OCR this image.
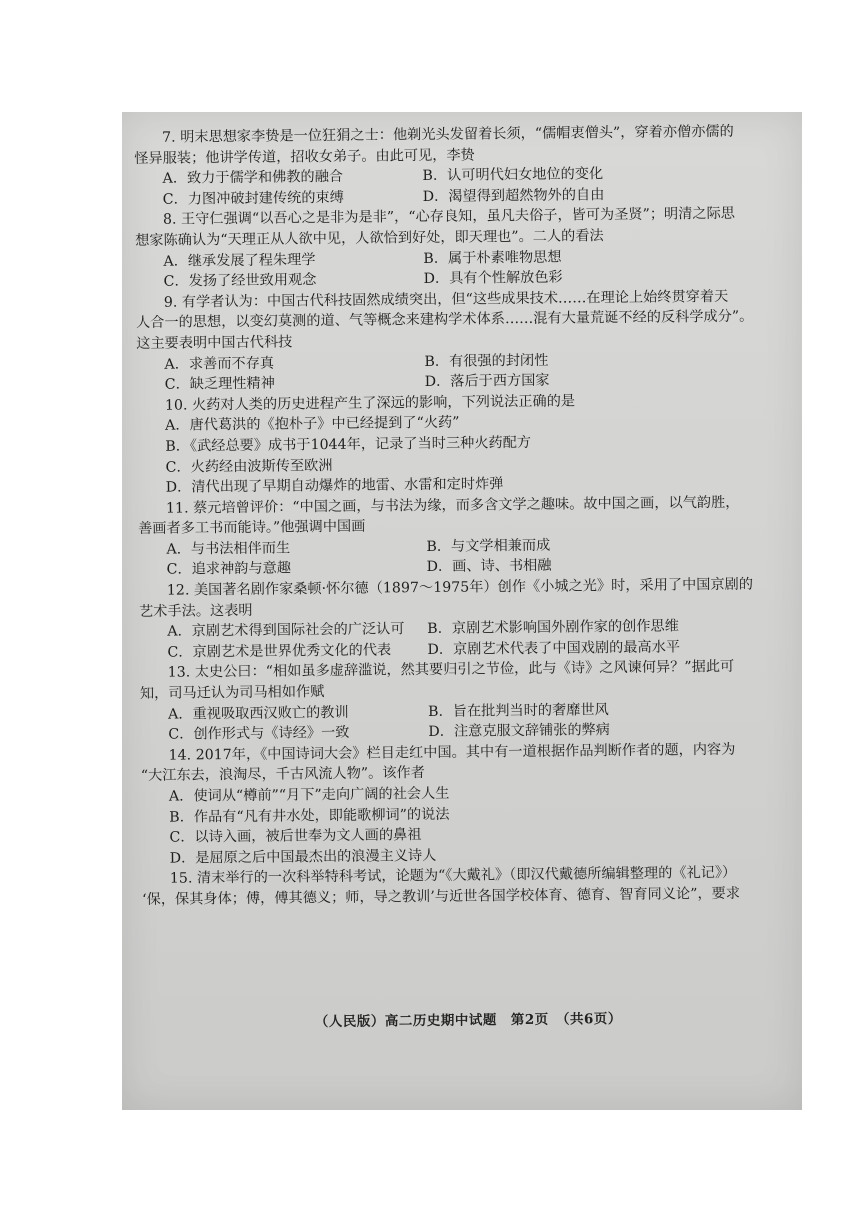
7. 明末思想家李贽是一位狂狷之士：他剃光头发留着长须，“儒帽衷僧头”，穿着亦僧亦儒的
怪异服装；他讲学传道，招收女弟子。由此可见，李贽
A．致力于儒学和佛教的融合	B．认可明代妇女地位的变化
C．力图冲破封建传统的束缚	D．渴望得到超然物外的自由
8. 王守仁强调“以吾心之是非为是非”，“心存良知，虽凡夫俗子，皆可为圣贤”；明清之际思
想家陈确认为“天理正从人欲中见，人欲恰到好处，即天理也”。二人的看法
A．继承发展了程朱理学	B．属于朴素唯物思想
C．发扬了经世致用观念	D．具有个性解放色彩
9. 有学者认为：中国古代科技固然成绩突出，但“这些成果技术……在理论上始终贯穿着天
人合一的思想，以变幻莫测的道、气等概念来建构学术体系……混有大量荒诞不经的反科学成分”。
这主要表明中国古代科技
A．求善而不存真	B．有很强的封闭性
C．缺乏理性精神	D．落后于西方国家
10. 火药对人类的历史进程产生了深远的影响，下列说法正确的是
A．唐代葛洪的《抱朴子》中已经提到了“火药”
B．《武经总要》成书于1044年，记录了当时三种火药配方
C．火药经由波斯传至欧洲
D．清代出现了早期自动爆炸的地雷、水雷和定时炸弹
11. 蔡元培曾评价：“中国之画，与书法为缘，而多含文学之趣味。故中国之画，以气韵胜，
善画者多工书而能诗。”他强调中国画
A．与书法相伴而生	B．与文学相兼而成
C．追求神韵与意趣	D．画、诗、书相融
12. 美国著名剧作家桑顿·怀尔德（1897～1975年）创作《小城之光》时，采用了中国京剧的
艺术手法。这表明
A．京剧艺术得到国际社会的广泛认可	B．京剧艺术影响国外剧作家的创作思维
C．京剧艺术是世界优秀文化的代表	D．京剧艺术代表了中国戏剧的最高水平
13. 太史公曰：“相如虽多虚辞滥说，然其要归引之节俭，此与《诗》之风谏何异？”据此可
知，司马迁认为司马相如作赋
A．重视吸取西汉败亡的教训	B．旨在批判当时的奢靡世风
C．创作形式与《诗经》一致	D．注意克服文辞铺张的弊病
14. 2017年，《中国诗词大会》栏目走红中国。其中有一道根据作品判断作者的题，内容为
“大江东去，浪淘尽，千古风流人物”。该作者
A．使词从“樽前”“月下”走向广阔的社会人生
B．作品有“凡有井水处，即能歌柳词”的说法
C．以诗入画，被后世奉为文人画的鼻祖
D．是屈原之后中国最杰出的浪漫主义诗人
15. 清末举行的一次科举特科考试，论题为“《大戴礼》（即汉代戴德所编辑整理的《礼记》）
‘保，保其身体；傅，傅其德义；师，导之教训’与近世各国学校体育、德育、智育同义论”，要求
（人民版）高二历史期中试题　第2页　（共6页）
